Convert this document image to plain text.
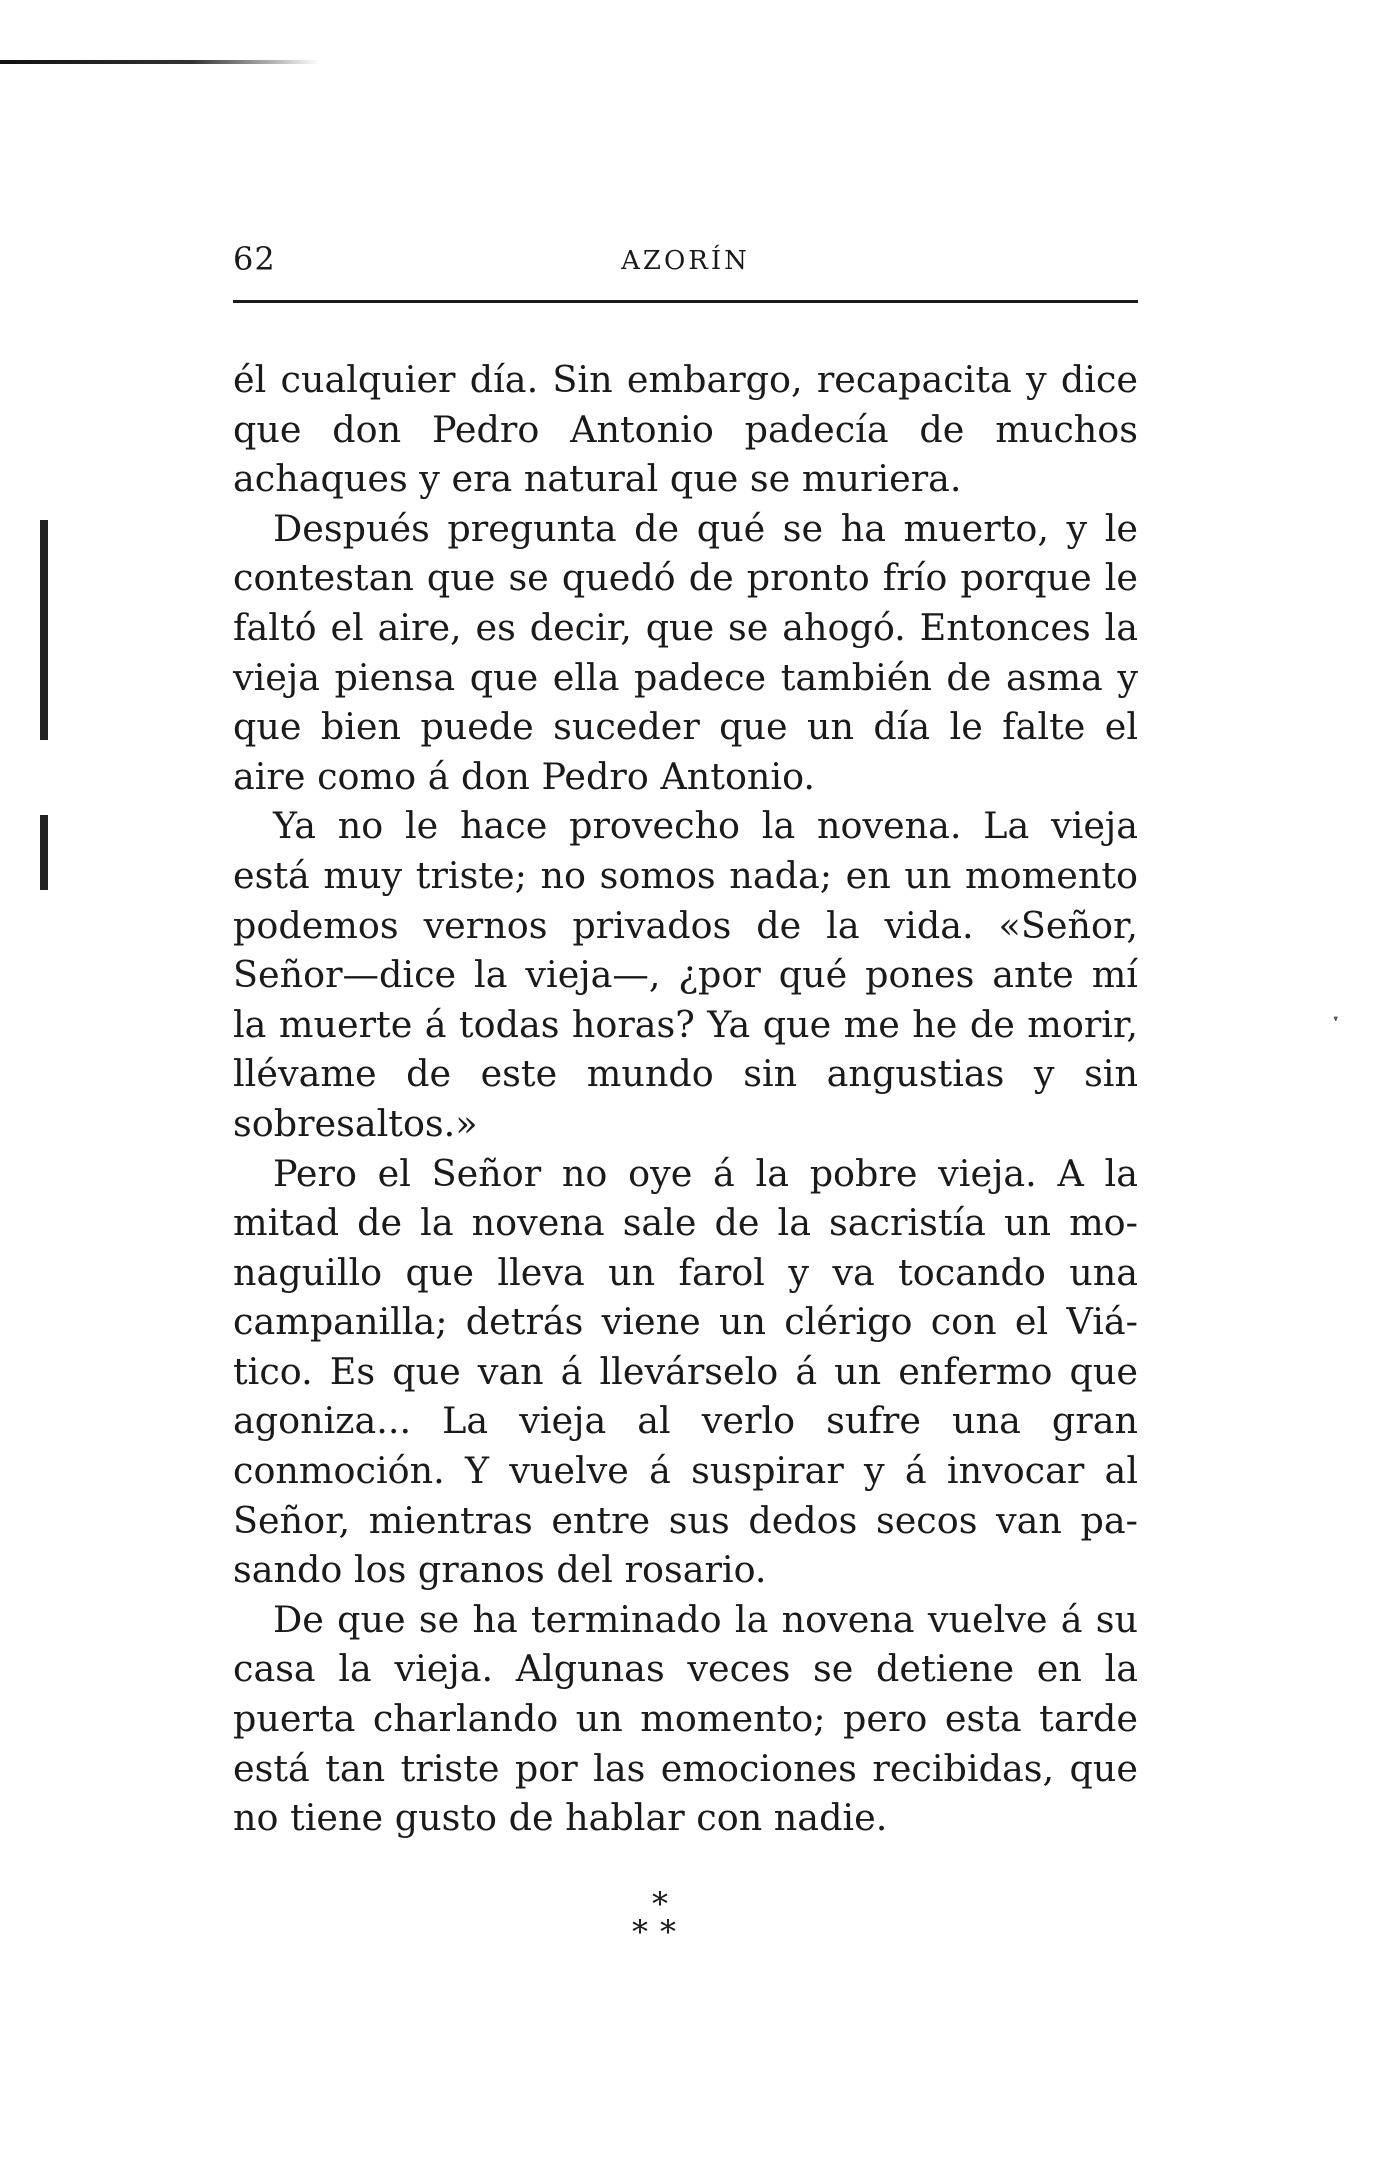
ˑ
62	AZORÍN

él cualquier día. Sin embargo, recapacita y dice que don Pedro Antonio padecía de muchos achaques y era natural que se muriera.

Después pregunta de qué se ha muerto, y le contestan que se quedó de pronto frío porque le faltó el aire, es decir, que se ahogó. Entonces la vieja piensa que ella padece también de asma y que bien puede suceder que un día le falte el aire como á don Pedro Antonio.

Ya no le hace provecho la novena. La vieja está muy triste; no somos nada; en un momento podemos vernos privados de la vida. «Señor, Señor—dice la vieja—, ¿por qué pones ante mí la muerte á todas horas? Ya que me he de morir, llévame de este mundo sin angustias y sin sobresaltos.»

Pero el Señor no oye á la pobre vieja. A la mitad de la novena sale de la sacristía un monaguillo que lleva un farol y va tocando una campanilla; detrás viene un clérigo con el Viático. Es que van á llevárselo á un enfermo que agoniza... La vieja al verlo sufre una gran conmoción. Y vuelve á suspirar y á invocar al Señor, mientras entre sus dedos secos van pasando los granos del rosario.

De que se ha terminado la novena vuelve á su casa la vieja. Algunas veces se detiene en la puerta charlando un momento; pero esta tarde está tan triste por las emociones recibidas, que no tiene gusto de hablar con nadie.

*
**
